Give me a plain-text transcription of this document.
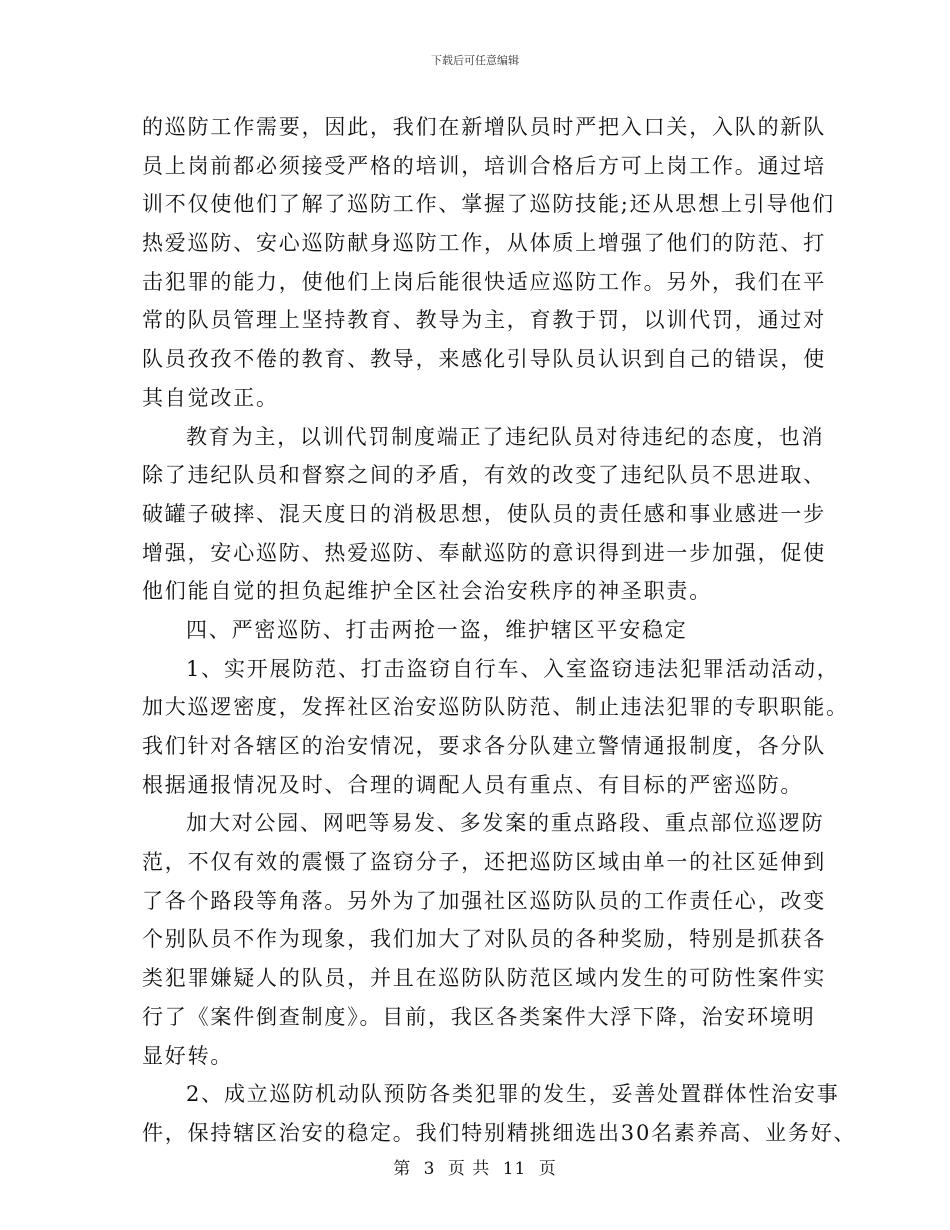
下载后可任意编辑
的巡防工作需要，因此，我们在新增队员时严把入口关，入队的新队
员上岗前都必须接受严格的培训，培训合格后方可上岗工作。通过培
训不仅使他们了解了巡防工作、掌握了巡防技能;还从思想上引导他们
热爱巡防、安心巡防献身巡防工作，从体质上增强了他们的防范、打
击犯罪的能力，使他们上岗后能很快适应巡防工作。另外，我们在平
常的队员管理上坚持教育、教导为主，育教于罚，以训代罚，通过对
队员孜孜不倦的教育、教导，来感化引导队员认识到自己的错误，使
其自觉改正。
教育为主，以训代罚制度端正了违纪队员对待违纪的态度，也消
除了违纪队员和督察之间的矛盾，有效的改变了违纪队员不思进取、
破罐子破摔、混天度日的消极思想，使队员的责任感和事业感进一步
增强，安心巡防、热爱巡防、奉献巡防的意识得到进一步加强，促使
他们能自觉的担负起维护全区社会治安秩序的神圣职责。
四、严密巡防、打击两抢一盗，维护辖区平安稳定
1、实开展防范、打击盗窃自行车、入室盗窃违法犯罪活动活动，
加大巡逻密度，发挥社区治安巡防队防范、制止违法犯罪的专职职能。
我们针对各辖区的治安情况，要求各分队建立警情通报制度，各分队
根据通报情况及时、合理的调配人员有重点、有目标的严密巡防。
加大对公园、网吧等易发、多发案的重点路段、重点部位巡逻防
范，不仅有效的震慑了盗窃分子，还把巡防区域由单一的社区延伸到
了各个路段等角落。另外为了加强社区巡防队员的工作责任心，改变
个别队员不作为现象，我们加大了对队员的各种奖励，特别是抓获各
类犯罪嫌疑人的队员，并且在巡防队防范区域内发生的可防性案件实
行了《案件倒查制度》。目前，我区各类案件大浮下降，治安环境明
显好转。
2、成立巡防机动队预防各类犯罪的发生，妥善处置群体性治安事
件，保持辖区治安的稳定。我们特别精挑细选出30名素养高、业务好、
第 3 页 共 11 页
